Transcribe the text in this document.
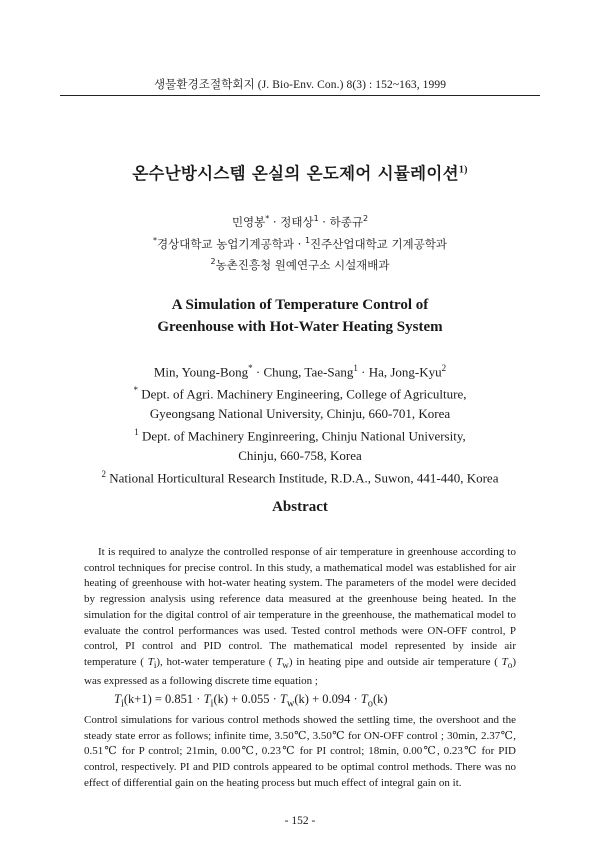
생물환경조절학회지 (J. Bio-Env. Con.) 8(3) : 152~163, 1999
온수난방시스템 온실의 온도제어 시뮬레이션$^{1)}$
민영봉* · 정태상$^1$ · 하종규$^2$
*경상대학교 농업기계공학과 · $^1$진주산업대학교 기계공학과
$^2$농촌진흥청 원예연구소 시설재배과
A Simulation of Temperature Control of
Greenhouse with Hot-Water Heating System
Min, Young-Bong* · Chung, Tae-Sang$^1$ · Ha, Jong-Kyu$^2$
* Dept. of Agri. Machinery Engineering, College of Agriculture,
Gyeongsang National University, Chinju, 660-701, Korea
$^1$ Dept. of Machinery Enginreering, Chinju National University,
Chinju, 660-758, Korea
$^2$ National Horticultural Research Institude, R.D.A., Suwon, 441-440, Korea
Abstract

It is required to analyze the controlled response of air temperature in greenhouse according to control techniques for precise control. In this study, a mathematical model was established for air heating of greenhouse with hot-water heating system. The parameters of the model were decided by regression analysis using reference data measured at the greenhouse being heated. In the simulation for the digital control of air temperature in the greenhouse, the mathematical model to evaluate the control performances was used. Tested control methods were ON-OFF control, P control, PI control and PID control. The mathematical model represented by inside air temperature ( $T_i$), hot-water temperature ( $T_w$) in heating pipe and outside air temperature ( $T_o$) was expressed as a following discrete time equation ;

$T_i(k+1) = 0.851 \cdot T_i(k) + 0.055 \cdot T_w(k) + 0.094 \cdot T_o(k)$

Control simulations for various control methods showed the settling time, the overshoot and the steady state error as follows; infinite time, 3.50℃, 3.50℃ for ON-OFF control ; 30min, 2.37℃, 0.51℃ for P control; 21min, 0.00℃, 0.23℃ for PI control; 18min, 0.00℃, 0.23℃ for PID control, respectively. PI and PID controls appeared to be optimal control methods. There was no effect of differential gain on the heating process but much effect of integral gain on it.

- 152 -
